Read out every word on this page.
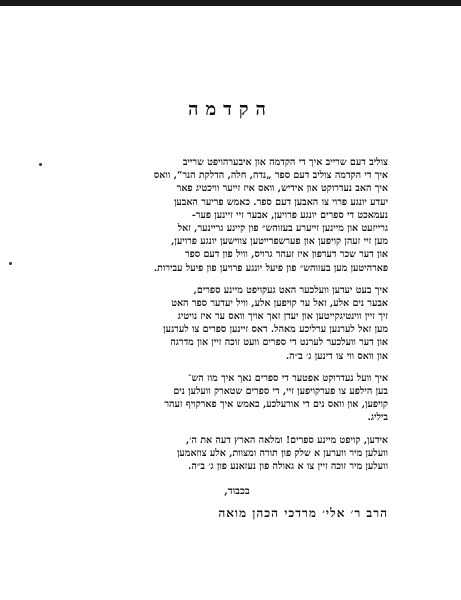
הקדמה
צוליב דעם שרייב איך די הקדמה און איבערהויפט שרייב
איך די הקדמה צוליב דעם ספר „נדה, חלה, הדלקת הנר“, וואס
איך האב נעדרוקט און אידיש, וואס איז זייער וויכטיג פאר
יעדע יונגע פרוי צו האבען דעם ספר. כאמש פריער האבען
נעמאכט די ספרים יונגע פרויען, אבער זיי זיינען פער-
גרייזעט און מיינען זייערע בעזוהש״ פון קיינע גריינער, זאל
מען זיי זעהן קויפען און פערשפרייטען צווישען יונגע פרויען,
און דער שכר דערפון איז זעהר גרויס, וויל פון דעם ספר
פארהיטען מען בעזוהש״ פון פיעל יונגע פרויען פון פיעל עבירות.
איך בעט יעדען וועלכער האט געקויפט מיינע ספרים,
אבער נים אלע, זאל ער קויפען אלע, וויל יעדער ספר האט
זיך זיין ווינטיגקייטען און יעדן זאך אויך וואס ער איז נויטיג
מען זאל לערנען ערליכע מאהל. דאס זיינען ספרים צו לערנען
און דער וועלכער לערנט די ספרים וועט זוכה זיין און מדרגה
און וואס ווי צו דינען ג׳ ב״ה.
איך וועל נעדרוקט אפטער די ספרים נאך איך מוז הש־
בען הילפע צו פערקויפען זיי, די ספרים שטארק וועלען נים
קויפען, און וואס נים די אורעלכע, כאמש איך פארקויף זעהר
ביליג.
אידען, קויפט מיינע ספרים! ומלאה הארץ דעה את ה׳,
וועלען מיר ווערען א שלק פון תורה ומצוות, אלע צוזאמען
וועלען מיר זוכה זיין צו א גאולה פון נעזאנע פון ג׳ ב״ה.
בכבוד,
הרב ר׳ אלי׳ מרדכי הכהן מואה
